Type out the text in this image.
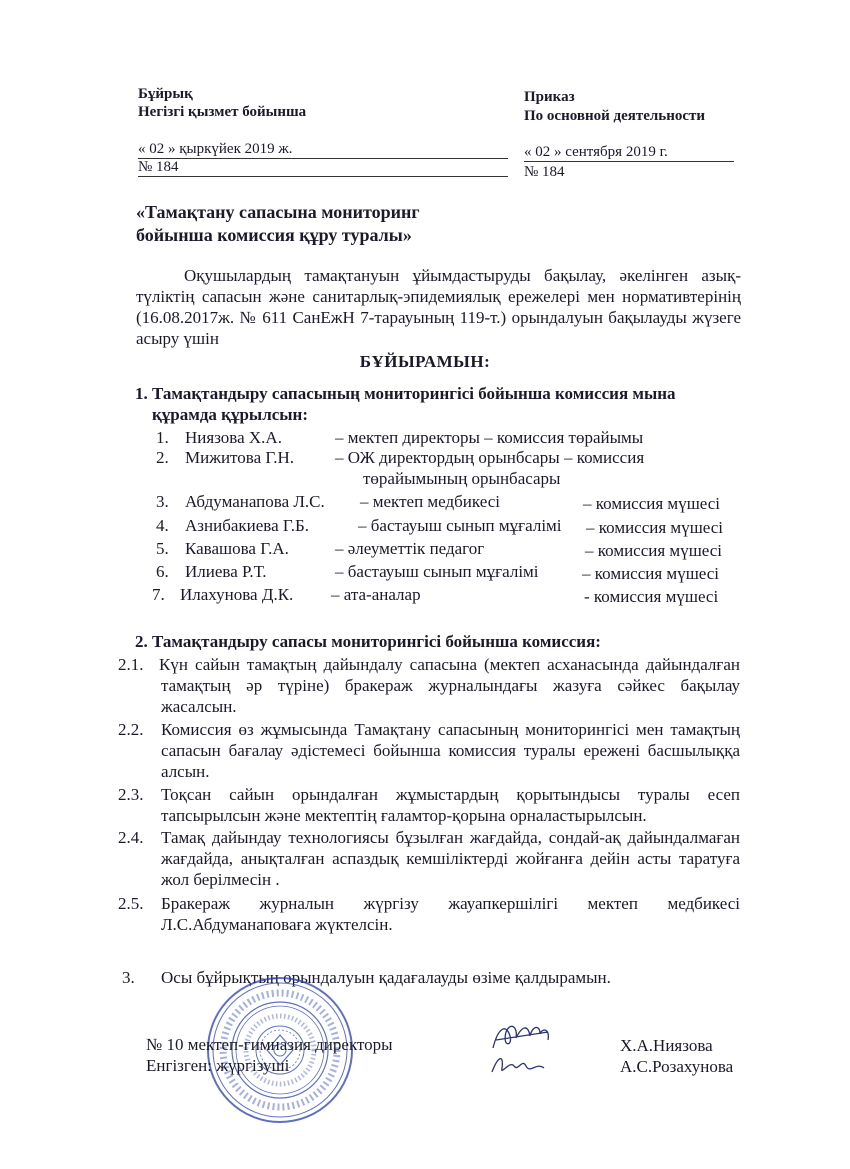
Бұйрық
Негізгі қызмет бойынша
« 02 » қыркүйек 2019 ж.
№ 184
Приказ
По основной деятельности
« 02 » сентября 2019 г.
№ 184
«Тамақтану сапасына мониторинг
бойынша комиссия құру туралы»
Оқушылардың тамақтануын ұйымдастыруды бақылау, әкелінген азық-түліктің сапасын және санитарлық-эпидемиялық ережелері мен нормативтерінің (16.08.2017ж. № 611 СанЕжН 7-тарауының 119-т.) орындалуын бақылауды жүзеге асыру үшін
БҰЙЫРАМЫН:
1. Тамақтандыру сапасының мониторингісі бойынша комиссия мына
құрамда құрылсын:
1. Ниязова Х.А.	– мектеп директоры – комиссия төрайымы
2. Мижитова Г.Н. – ОЖ директордың орынбсары – комиссия
төрайымының орынбасары
3. Абдуманапова Л.С. – мектеп медбикесі	– комиссия мүшесі
4. Азнибакиева Г.Б.	– бастауыш сынып мұғалімі – комиссия мүшесі
5. Кавашова Г.А.	– әлеуметтік педагог	– комиссия мүшесі
6. Илиева Р.Т.	– бастауыш сынып мұғалімі	– комиссия мүшесі
7. Илахунова Д.К. – ата-аналар	- комиссия мүшесі
2. Тамақтандыру сапасы мониторингісі бойынша комиссия:
2.1. Күн сайын тамақтың дайындалу сапасына (мектеп асханасында дайындалған тамақтың әр түріне) бракераж журналындағы жазуға сәйкес бақылау жасалсын.
2.2.	Комиссия өз жұмысында Тамақтану сапасының мониторингісі мен тамақтың сапасын бағалау әдістемесі бойынша комиссия туралы ережені басшылыққа алсын.
2.3.	Тоқсан сайын орындалған жұмыстардың қорытындысы туралы есеп тапсырылсын және мектептің ғаламтор-қорына орналастырылсын.
2.4.	Тамақ дайындау технологиясы бұзылған жағдайда, сондай-ақ дайындалмаған жағдайда, анықталған аспаздық кемшіліктерді жойғанға дейін асты таратуға жол берілмесін .
2.5.	Бракераж журналын жүргізу жауапкершілігі мектеп медбикесі Л.С.Абдуманаповаға жүктелсін.
3. Осы бұйрықтың орындалуын қадағалауды өзіме қалдырамын.
№ 10 мектеп-гимназия директоры
Енгізген: жүргізуші
Х.А.Ниязова
А.С.Розахунова
